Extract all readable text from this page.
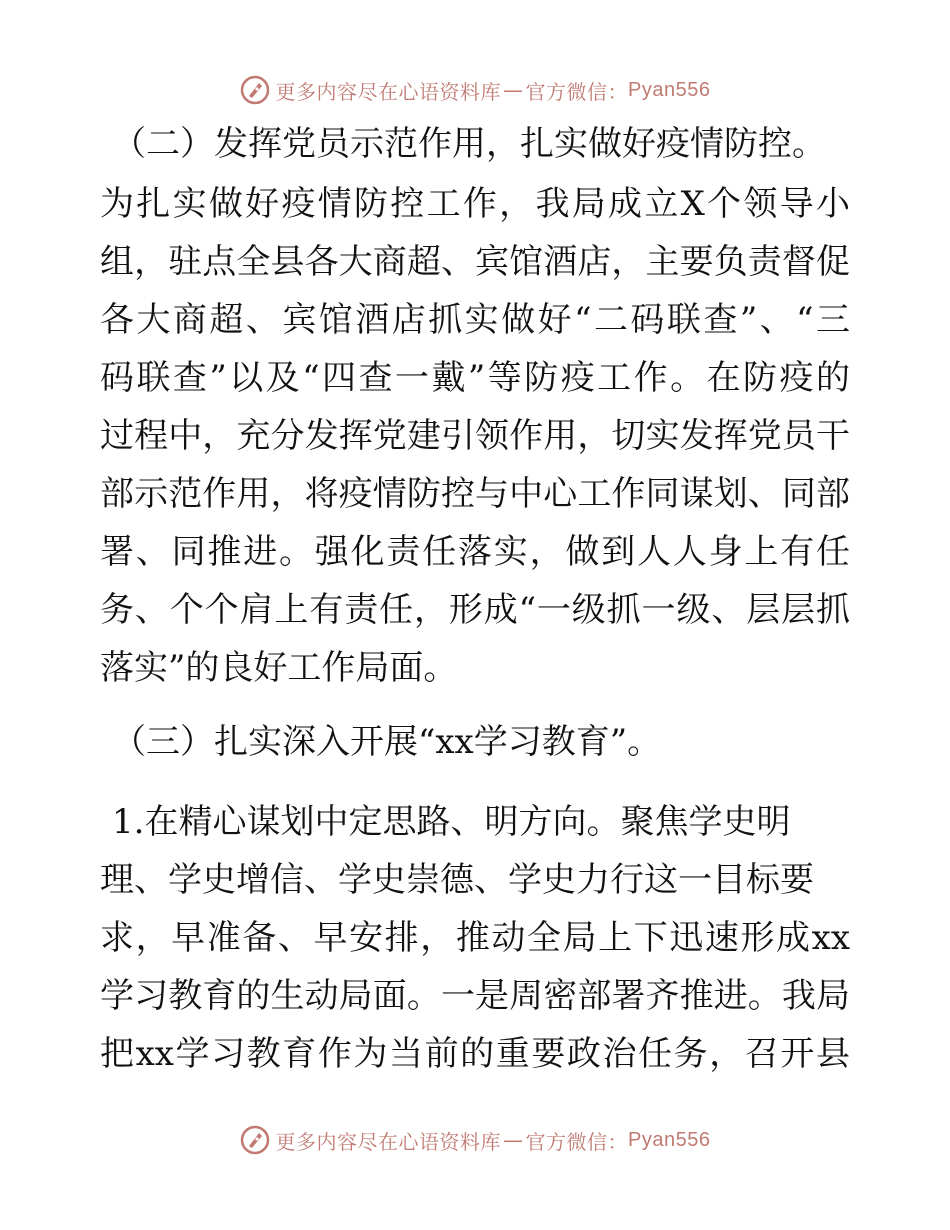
更多内容尽在心语资料库 — 官方微信： Pyan556
（二）发挥党员示范作用，扎实做好疫情防控。
为扎实做好疫情防控工作，我局成立X个领导小
组，驻点全县各大商超、宾馆酒店，主要负责督促
各大商超、宾馆酒店抓实做好“二码联查”、“三
码联查”以及“四查一戴”等防疫工作。在防疫的
过程中，充分发挥党建引领作用，切实发挥党员干
部示范作用，将疫情防控与中心工作同谋划、同部
署、同推进。强化责任落实，做到人人身上有任
务、个个肩上有责任，形成“一级抓一级、层层抓
落实”的良好工作局面。
（三）扎实深入开展“xx学习教育”。
1.在精心谋划中定思路、明方向。聚焦学史明
理、学史增信、学史崇德、学史力行这一目标要
求，早准备、早安排，推动全局上下迅速形成xx
学习教育的生动局面。一是周密部署齐推进。我局
把xx学习教育作为当前的重要政治任务，召开县
更多内容尽在心语资料库 — 官方微信： Pyan556
